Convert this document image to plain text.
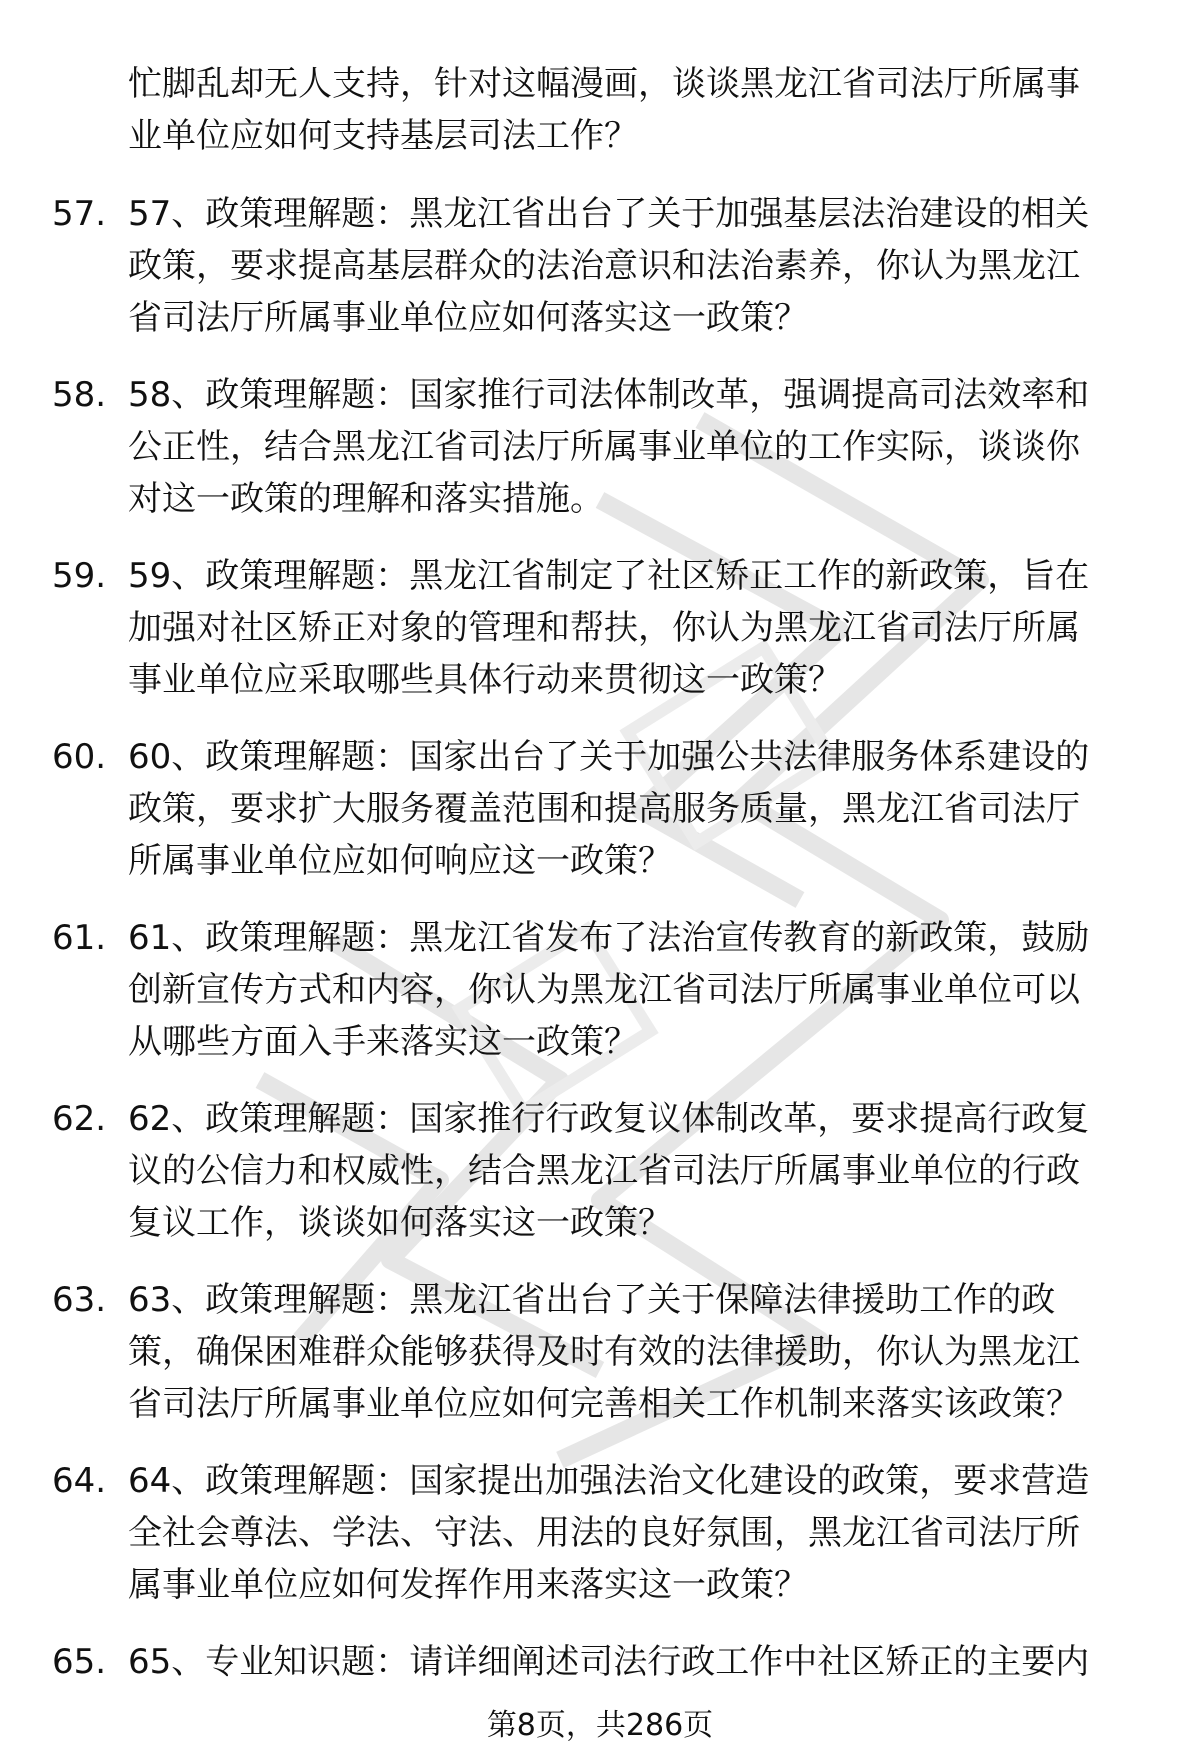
忙脚乱却无人支持，针对这幅漫画，谈谈黑龙江省司法厅所属事
业单位应如何支持基层司法工作？
57. 57、政策理解题：黑龙江省出台了关于加强基层法治建设的相关
政策，要求提高基层群众的法治意识和法治素养，你认为黑龙江
省司法厅所属事业单位应如何落实这一政策？
58. 58、政策理解题：国家推行司法体制改革，强调提高司法效率和
公正性，结合黑龙江省司法厅所属事业单位的工作实际，谈谈你
对这一政策的理解和落实措施。
59. 59、政策理解题：黑龙江省制定了社区矫正工作的新政策，旨在
加强对社区矫正对象的管理和帮扶，你认为黑龙江省司法厅所属
事业单位应采取哪些具体行动来贯彻这一政策？
60. 60、政策理解题：国家出台了关于加强公共法律服务体系建设的
政策，要求扩大服务覆盖范围和提高服务质量，黑龙江省司法厅
所属事业单位应如何响应这一政策？
61. 61、政策理解题：黑龙江省发布了法治宣传教育的新政策，鼓励
创新宣传方式和内容，你认为黑龙江省司法厅所属事业单位可以
从哪些方面入手来落实这一政策？
62. 62、政策理解题：国家推行行政复议体制改革，要求提高行政复
议的公信力和权威性，结合黑龙江省司法厅所属事业单位的行政
复议工作，谈谈如何落实这一政策？
63. 63、政策理解题：黑龙江省出台了关于保障法律援助工作的政
策，确保困难群众能够获得及时有效的法律援助，你认为黑龙江
省司法厅所属事业单位应如何完善相关工作机制来落实该政策？
64. 64、政策理解题：国家提出加强法治文化建设的政策，要求营造
全社会尊法、学法、守法、用法的良好氛围，黑龙江省司法厅所
属事业单位应如何发挥作用来落实这一政策？
65. 65、专业知识题：请详细阐述司法行政工作中社区矫正的主要内
第8页，共286页
